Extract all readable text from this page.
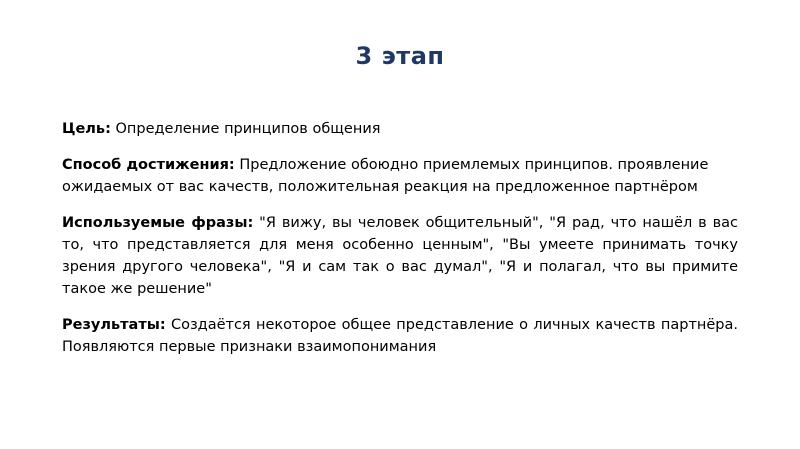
3 этап

Цель: Определение принципов общения

Способ достижения: Предложение обоюдно приемлемых принципов. проявление ожидаемых от вас качеств, положительная реакция на предложенное партнёром

Используемые фразы: "Я вижу, вы человек общительный", "Я рад, что нашёл в вас то, что представляется для меня особенно ценным", "Вы умеете принимать точку зрения другого человека", "Я и сам так о вас думал", "Я и полагал, что вы примите такое же решение"

Результаты: Создаётся некоторое общее представление о личных качеств партнёра. Появляются первые признаки взаимопонимания
